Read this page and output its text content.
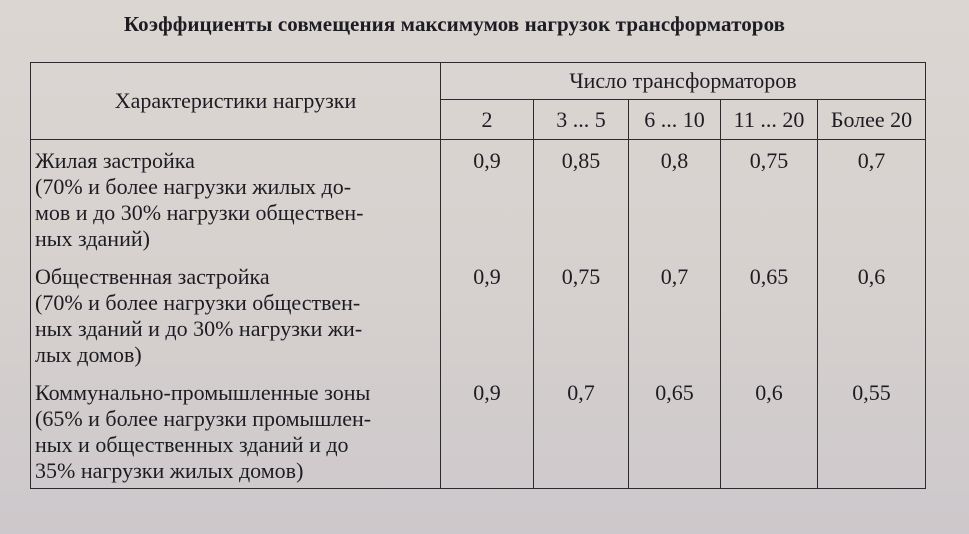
Коэффициенты совмещения максимумов нагрузок трансформаторов
Характеристики нагрузки	Число трансформаторов				
	2	3 ... 5	6 ... 10	11 ... 20	Более 20

Жилая застройка
(70% и более нагрузки жилых до-
мов и до 30% нагрузки обществен-
ных зданий)	0,9	0,85	0,8	0,75	0,7

Общественная застройка
(70% и более нагрузки обществен-
ных зданий и до 30% нагрузки жи-
лых домов)	0,9	0,75	0,7	0,65	0,6

Коммунально-промышленные зоны
(65% и более нагрузки промышлен-
ных и общественных зданий и до
35% нагрузки жилых домов)	0,9	0,7	0,65	0,6	0,55
